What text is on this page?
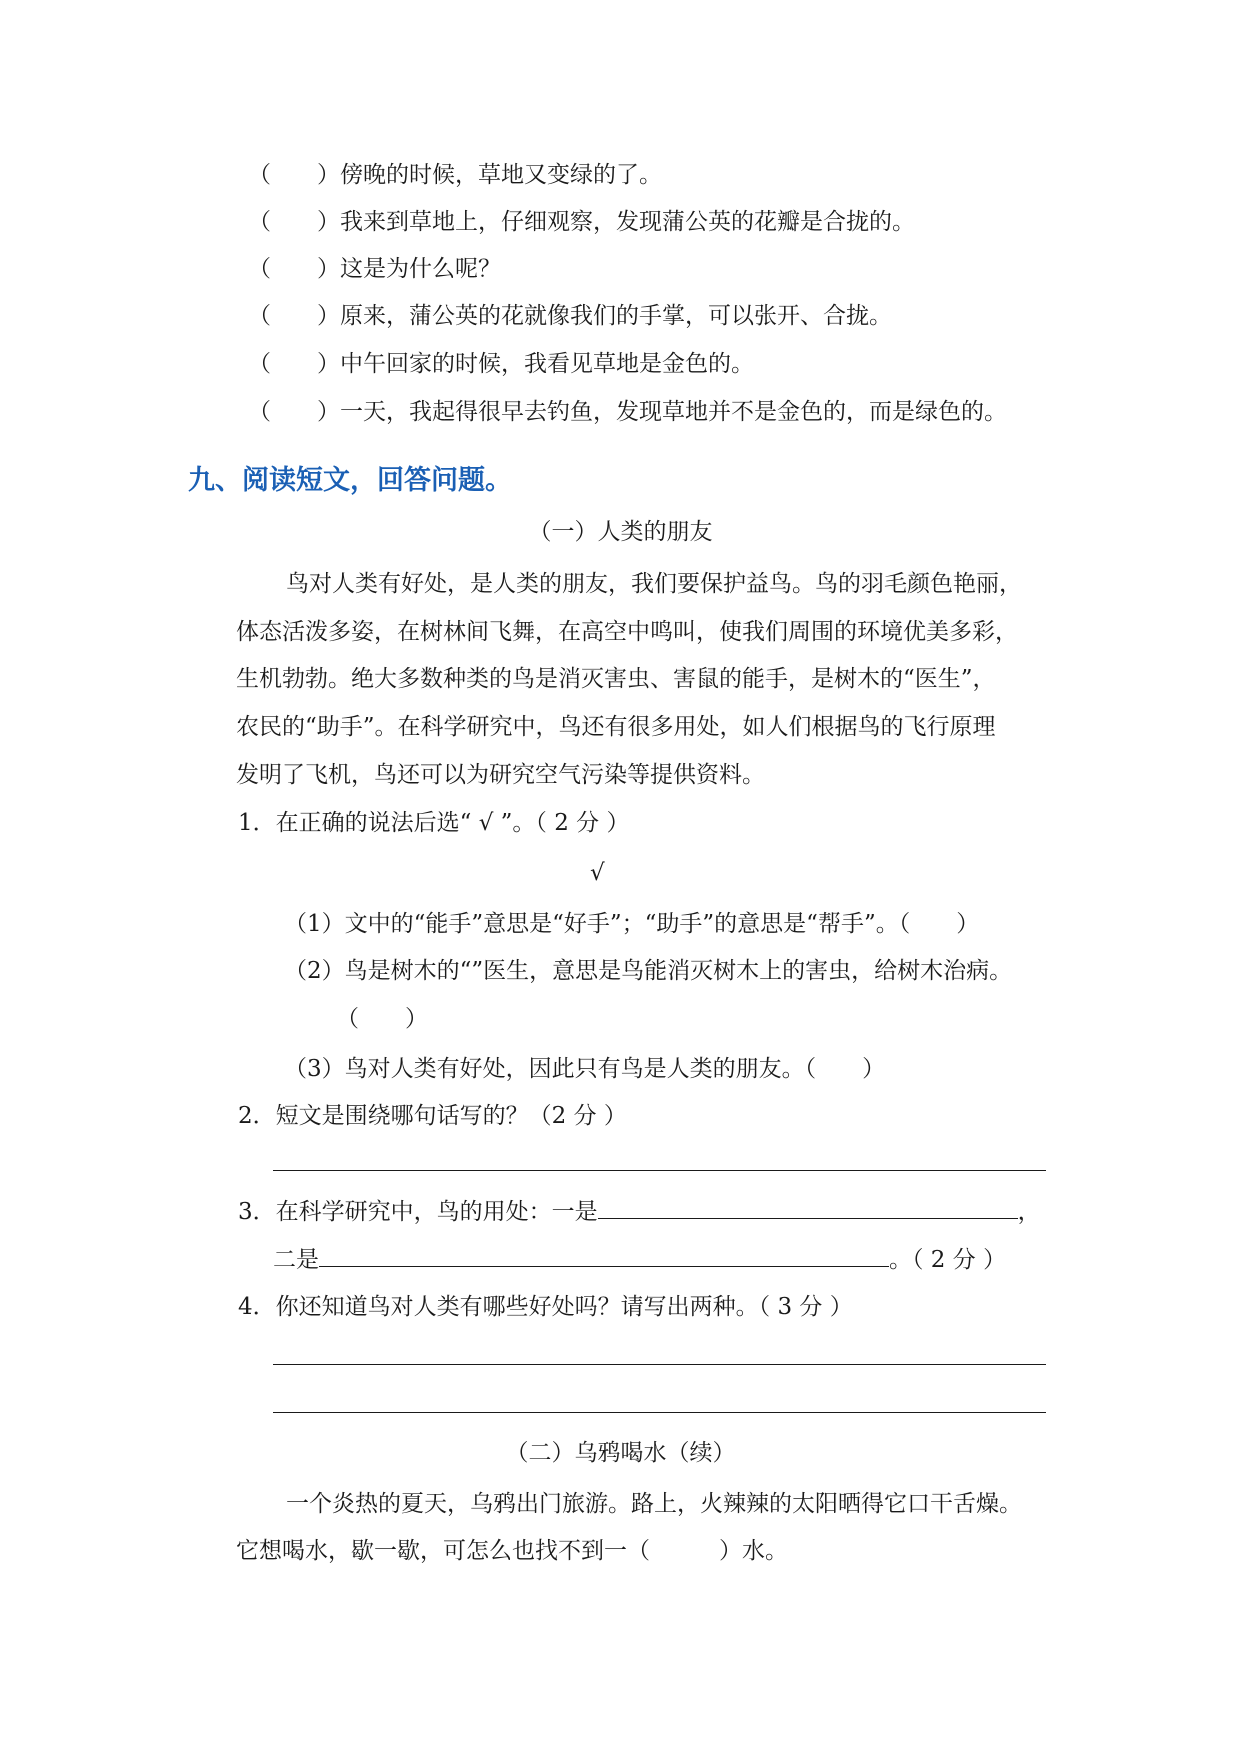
（　　）傍晚的时候，草地又变绿的了。
（　　）我来到草地上，仔细观察，发现蒲公英的花瓣是合拢的。
（　　）这是为什么呢？
（　　）原来，蒲公英的花就像我们的手掌，可以张开、合拢。
（　　）中午回家的时候，我看见草地是金色的。
（　　）一天，我起得很早去钓鱼，发现草地并不是金色的，而是绿色的。
九、阅读短文，回答问题。
（一）人类的朋友
鸟对人类有好处，是人类的朋友，我们要保护益鸟。鸟的羽毛颜色艳丽，
体态活泼多姿，在树林间飞舞，在高空中鸣叫，使我们周围的环境优美多彩，
生机勃勃。绝大多数种类的鸟是消灭害虫、害鼠的能手，是树木的“医生”，
农民的“助手”。在科学研究中，鸟还有很多用处，如人们根据鸟的飞行原理
发明了飞机，鸟还可以为研究空气污染等提供资料。
1．在正确的说法后选“ √ ”。（ 2 分 ）
√
（1）文中的“能手”意思是“好手”；“助手”的意思是“帮手”。（　　）
（2）鸟是树木的“”医生，意思是鸟能消灭树木上的害虫，给树木治病。
（　　）
（3）鸟对人类有好处，因此只有鸟是人类的朋友。（　　）
2．短文是围绕哪句话写的？（2 分 ）
3．在科学研究中，鸟的用处：一是	，
二是	。（ 2 分 ）
4．你还知道鸟对人类有哪些好处吗？请写出两种。（ 3 分 ）
（二）乌鸦喝水（续）
一个炎热的夏天，乌鸦出门旅游。路上，火辣辣的太阳晒得它口干舌燥。
它想喝水，歇一歇，可怎么也找不到一（　　　）水。
